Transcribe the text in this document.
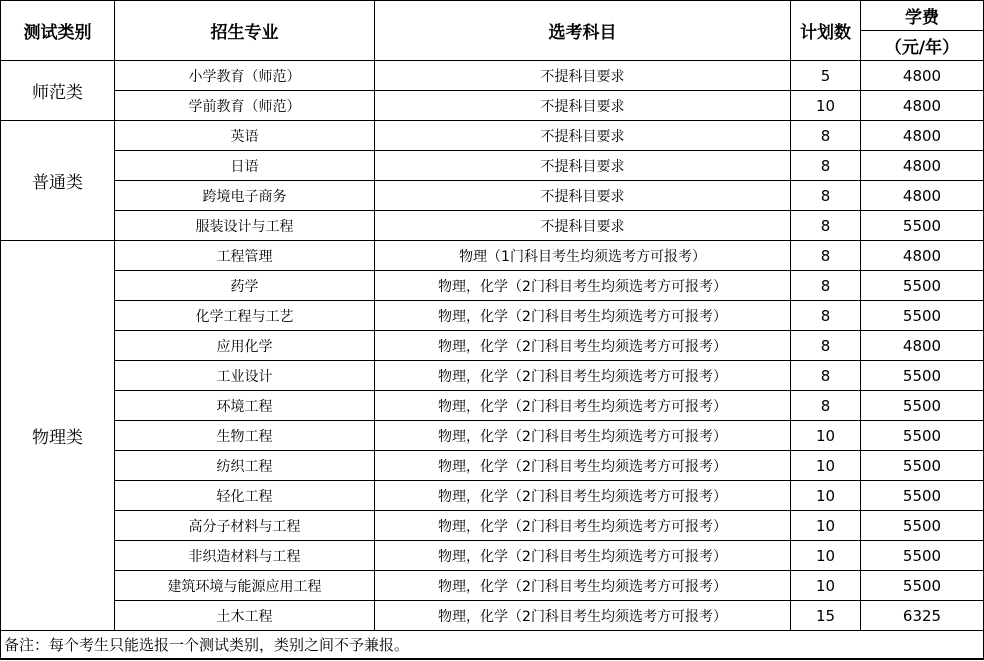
测试类别	招生专业	选考科目	计划数	学费
				（元/年）
师范类	小学教育（师范）	不提科目要求	5	4800
	学前教育（师范）	不提科目要求	10	4800
普通类	英语	不提科目要求	8	4800
	日语	不提科目要求	8	4800
	跨境电子商务	不提科目要求	8	4800
	服装设计与工程	不提科目要求	8	5500
物理类	工程管理	物理（1门科目考生均须选考方可报考）	8	4800
	药学	物理，化学（2门科目考生均须选考方可报考）	8	5500
	化学工程与工艺	物理，化学（2门科目考生均须选考方可报考）	8	5500
	应用化学	物理，化学（2门科目考生均须选考方可报考）	8	4800
	工业设计	物理，化学（2门科目考生均须选考方可报考）	8	5500
	环境工程	物理，化学（2门科目考生均须选考方可报考）	8	5500
	生物工程	物理，化学（2门科目考生均须选考方可报考）	10	5500
	纺织工程	物理，化学（2门科目考生均须选考方可报考）	10	5500
	轻化工程	物理，化学（2门科目考生均须选考方可报考）	10	5500
	高分子材料与工程	物理，化学（2门科目考生均须选考方可报考）	10	5500
	非织造材料与工程	物理，化学（2门科目考生均须选考方可报考）	10	5500
	建筑环境与能源应用工程	物理，化学（2门科目考生均须选考方可报考）	10	5500
	土木工程	物理，化学（2门科目考生均须选考方可报考）	15	6325
备注：每个考生只能选报一个测试类别，类别之间不予兼报。				
